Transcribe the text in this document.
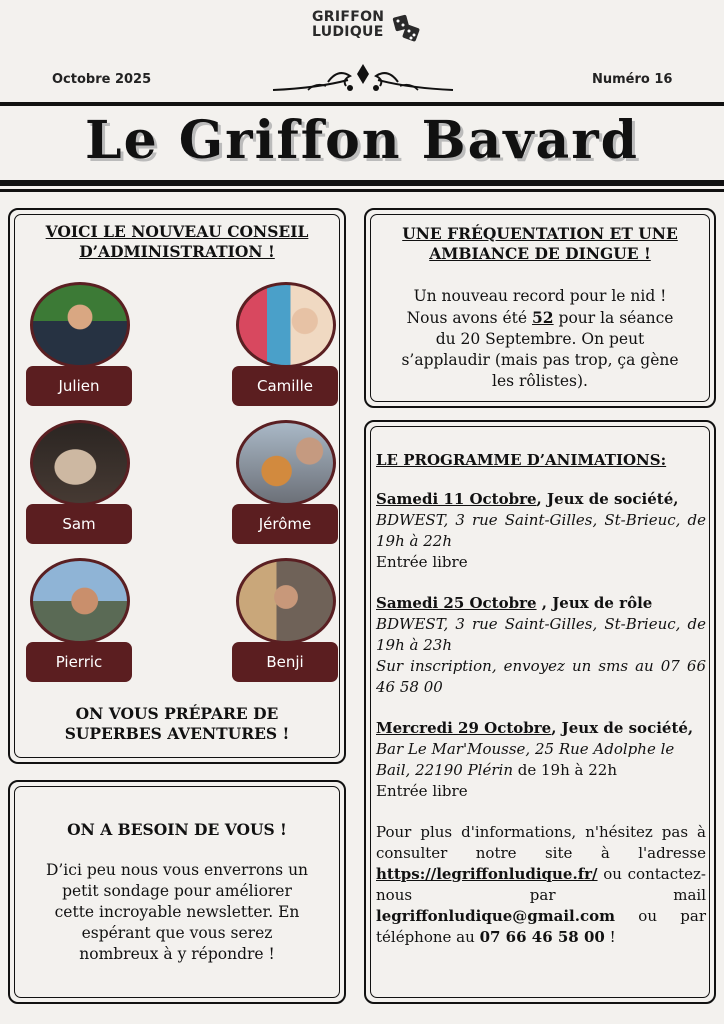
GRIFFON
LUDIQUE
Octobre 2025	Numéro 16
Le Griffon Bavard
VOICI LE NOUVEAU CONSEIL
D’ADMINISTRATION !
Julien	Camille
Sam	Jérôme
Pierric	Benji
ON VOUS PRÉPARE DE
SUPERBES AVENTURES !
ON A BESOIN DE VOUS !
D’ici peu nous vous enverrons un
petit sondage pour améliorer
cette incroyable newsletter. En
espérant que vous serez
nombreux à y répondre !
UNE FRÉQUENTATION ET UNE
AMBIANCE DE DINGUE !
Un nouveau record pour le nid !
Nous avons été 52 pour la séance
du 20 Septembre. On peut
s’applaudir (mais pas trop, ça gène
les rôlistes).

LE PROGRAMME D’ANIMATIONS:

Samedi 11 Octobre, Jeux de société,

BDWEST, 3 rue Saint-Gilles, St-Brieuc, de 19h à 22h

Entrée libre

Samedi 25 Octobre , Jeux de rôle

BDWEST, 3 rue Saint-Gilles, St-Brieuc, de 19h à 23h

Sur inscription, envoyez un sms au 07 66 46 58 00

Mercredi 29 Octobre, Jeux de société,

Bar Le Mar'Mousse, 25 Rue Adolphe le Bail, 22190 Plérin de 19h à 22h

Entrée libre

Pour plus d'informations, n'hésitez pas à consulter notre site à l'adresse https://legriffonludique.fr/ ou contactez-nous par mail legriffonludique@gmail.com ou par téléphone au 07 66 46 58 00 !
